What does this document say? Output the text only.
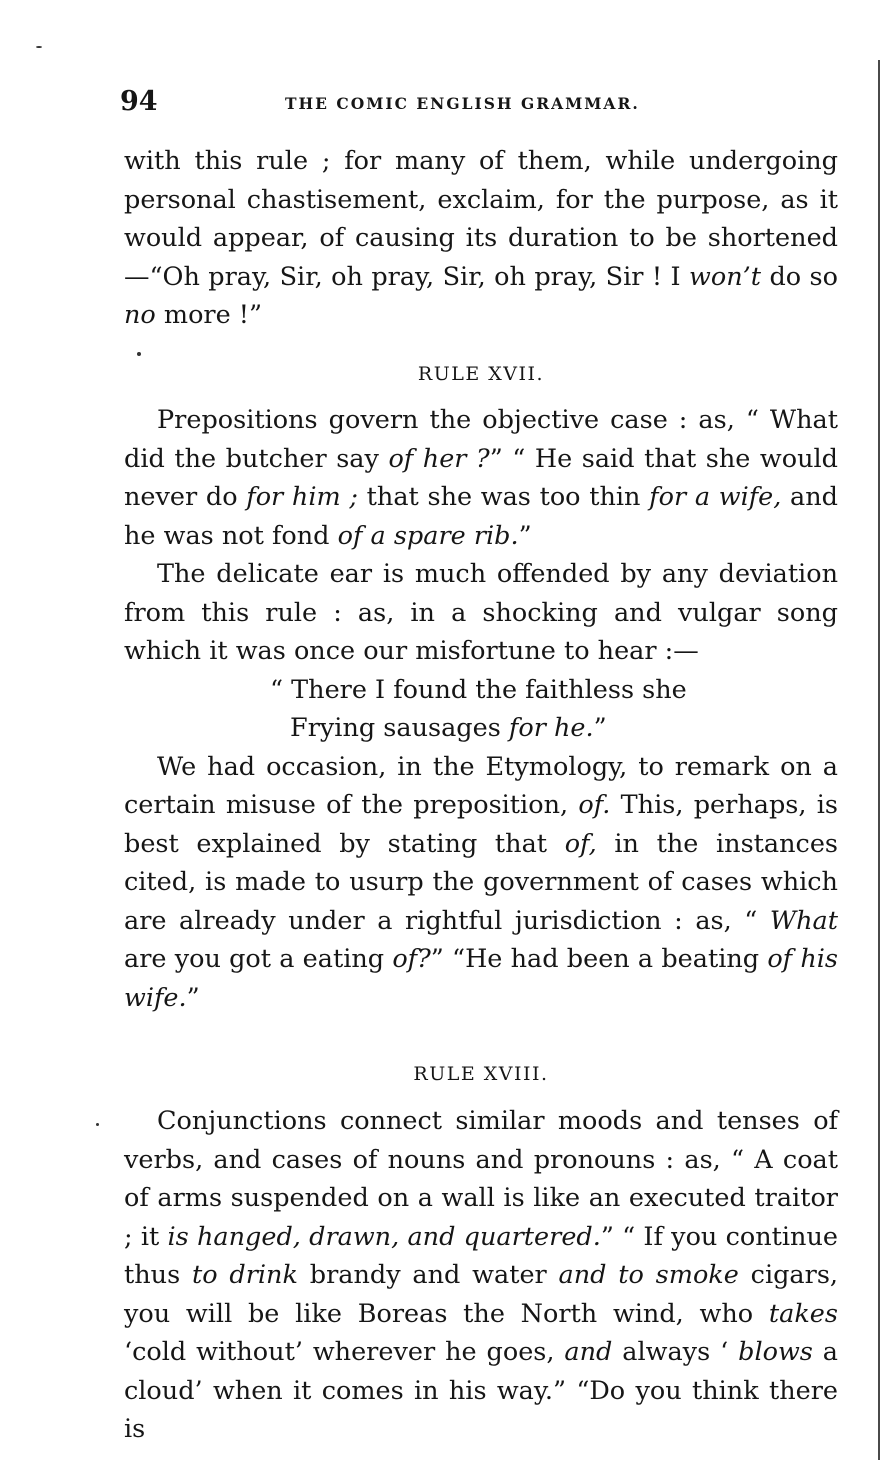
94	THE COMIC ENGLISH GRAMMAR.

with this rule ; for many of them, while undergoing personal chastisement, exclaim, for the purpose, as it would appear, of causing its duration to be shortened —“Oh pray, Sir, oh pray, Sir, oh pray, Sir ! I won’t do so no more !”

RULE XVII.

Prepositions govern the objective case : as, “ What did the butcher say of her ?” “ He said that she would never do for him ; that she was too thin for a wife, and he was not fond of a spare rib.”

The delicate ear is much offended by any deviation from this rule : as, in a shocking and vulgar song which it was once our misfortune to hear :—

“ There I found the faithless she

Frying sausages for he.”

We had occasion, in the Etymology, to remark on a certain misuse of the preposition, of. This, perhaps, is best explained by stating that of, in the instances cited, is made to usurp the government of cases which are already under a rightful jurisdiction : as, “ What are you got a eating of?” “He had been a beating of his wife.”

RULE XVIII.

Conjunctions connect similar moods and tenses of verbs, and cases of nouns and pronouns : as, “ A coat of arms suspended on a wall is like an executed traitor ; it is hanged, drawn, and quartered.” “ If you continue thus to drink brandy and water and to smoke cigars, you will be like Boreas the North wind, who takes ‘cold without’ wherever he goes, and always ‘ blows a cloud’ when it comes in his way.” “Do you think there is
